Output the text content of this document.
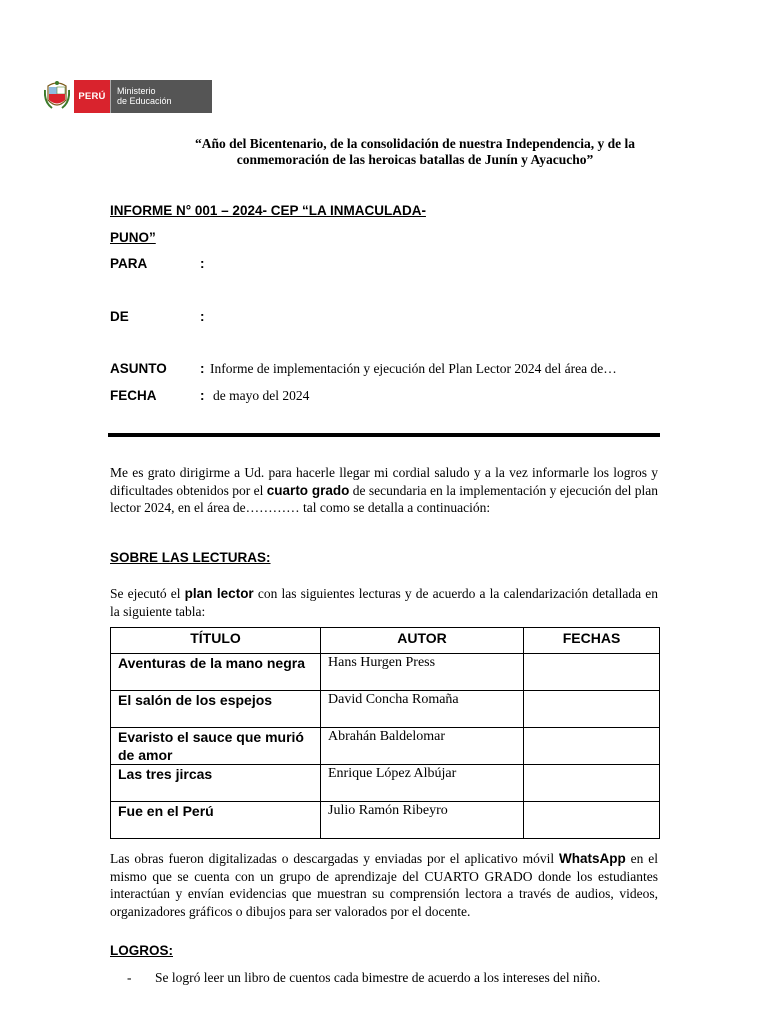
PERÚ	Ministerio
de Educación
“Año del Bicentenario, de la consolidación de nuestra Independencia, y de la
conmemoración de las heroicas batallas de Junín y Ayacucho”
INFORME N° 001 – 2024- CEP “LA INMACULADA-
PUNO”
PARA	:
DE	:
ASUNTO : Informe de implementación y ejecución del Plan Lector 2024 del área de…
FECHA	: de mayo del 2024
Me es grato dirigirme a Ud. para hacerle llegar mi cordial saludo y a la vez informarle los logros y dificultades obtenidos por el cuarto grado de secundaria en la implementación y ejecución del plan lector 2024, en el área de………… tal como se detalla a continuación:
SOBRE LAS LECTURAS:
Se ejecutó el plan lector con las siguientes lecturas y de acuerdo a la calendarización detallada en la siguiente tabla:
TÍTULO	AUTOR	FECHAS
Aventuras de la mano negra	Hans Hurgen Press	
El salón de los espejos	David Concha Romaña	
Evaristo el sauce que murió de amor	Abrahán Baldelomar	
Las tres jircas	Enrique López Albújar	
Fue en el Perú	Julio Ramón Ribeyro	
Las obras fueron digitalizadas o descargadas y enviadas por el aplicativo móvil WhatsApp en el mismo que se cuenta con un grupo de aprendizaje del CUARTO GRADO donde los estudiantes interactúan y envían evidencias que muestran su comprensión lectora a través de audios, videos, organizadores gráficos o dibujos para ser valorados por el docente.
LOGROS:
- Se logró leer un libro de cuentos cada bimestre de acuerdo a los intereses del niño.
